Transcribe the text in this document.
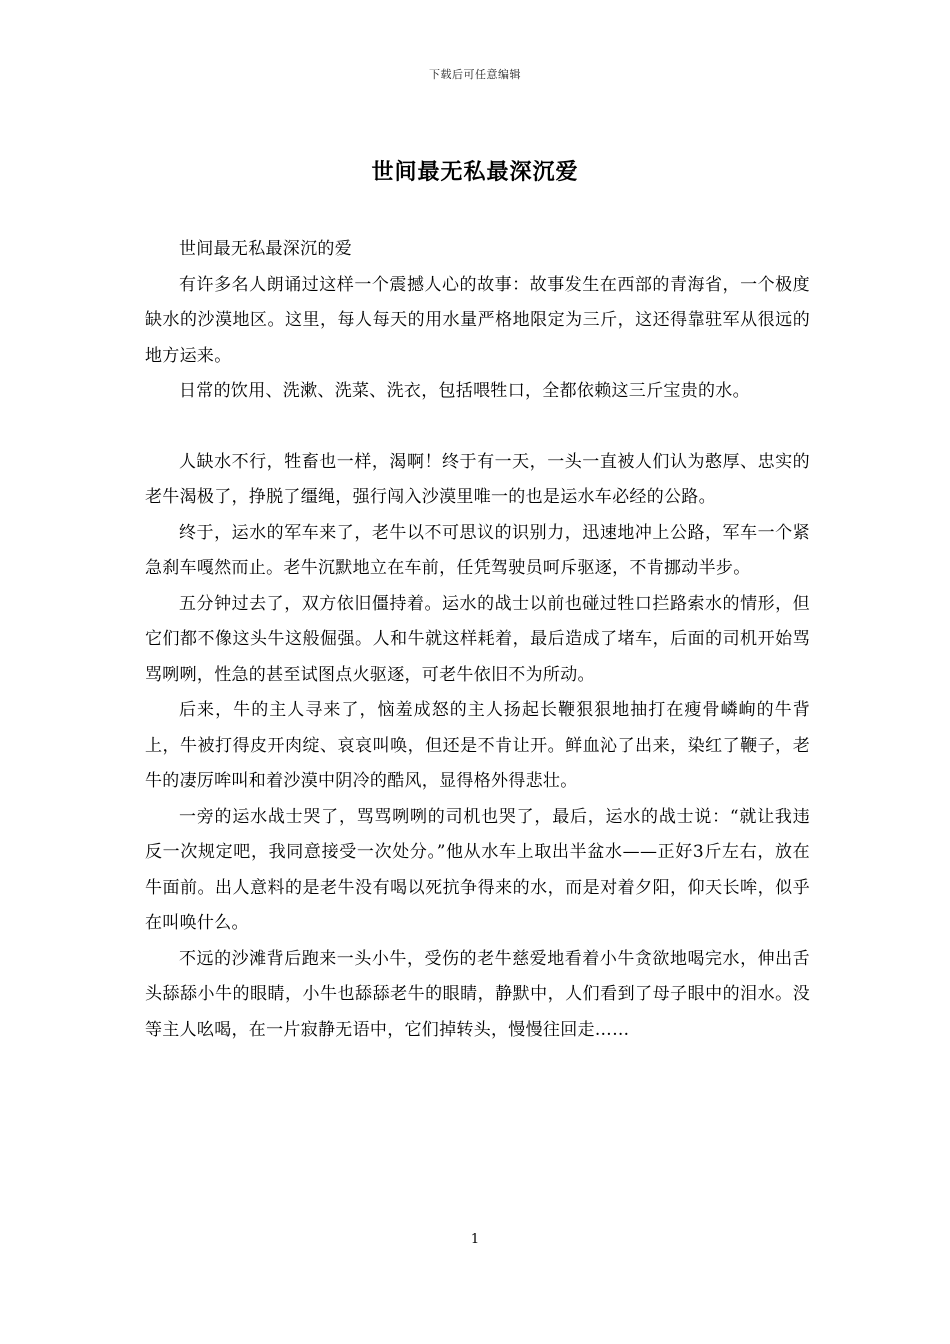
下载后可任意编辑
世间最无私最深沉爱

世间最无私最深沉的爱

有许多名人朗诵过这样一个震撼人心的故事：故事发生在西部的青海省，一个极度缺水的沙漠地区。这里，每人每天的用水量严格地限定为三斤，这还得靠驻军从很远的地方运来。

日常的饮用、洗漱、洗菜、洗衣，包括喂牲口，全都依赖这三斤宝贵的水。

人缺水不行，牲畜也一样，渴啊！终于有一天，一头一直被人们认为憨厚、忠实的老牛渴极了，挣脱了缰绳，强行闯入沙漠里唯一的也是运水车必经的公路。

终于，运水的军车来了，老牛以不可思议的识别力，迅速地冲上公路，军车一个紧急刹车嘎然而止。老牛沉默地立在车前，任凭驾驶员呵斥驱逐，不肯挪动半步。

五分钟过去了，双方依旧僵持着。运水的战士以前也碰过牲口拦路索水的情形，但它们都不像这头牛这般倔强。人和牛就这样耗着，最后造成了堵车，后面的司机开始骂骂咧咧，性急的甚至试图点火驱逐，可老牛依旧不为所动。

后来，牛的主人寻来了，恼羞成怒的主人扬起长鞭狠狠地抽打在瘦骨嶙峋的牛背上，牛被打得皮开肉绽、哀哀叫唤，但还是不肯让开。鲜血沁了出来，染红了鞭子，老牛的凄厉哞叫和着沙漠中阴冷的酷风，显得格外得悲壮。

一旁的运水战士哭了，骂骂咧咧的司机也哭了，最后，运水的战士说：“就让我违反一次规定吧，我同意接受一次处分。”他从水车上取出半盆水——正好3斤左右，放在牛面前。出人意料的是老牛没有喝以死抗争得来的水，而是对着夕阳，仰天长哞，似乎在叫唤什么。

不远的沙滩背后跑来一头小牛，受伤的老牛慈爱地看着小牛贪欲地喝完水，伸出舌头舔舔小牛的眼睛，小牛也舔舔老牛的眼睛，静默中，人们看到了母子眼中的泪水。没等主人吆喝，在一片寂静无语中，它们掉转头，慢慢往回走……

1
